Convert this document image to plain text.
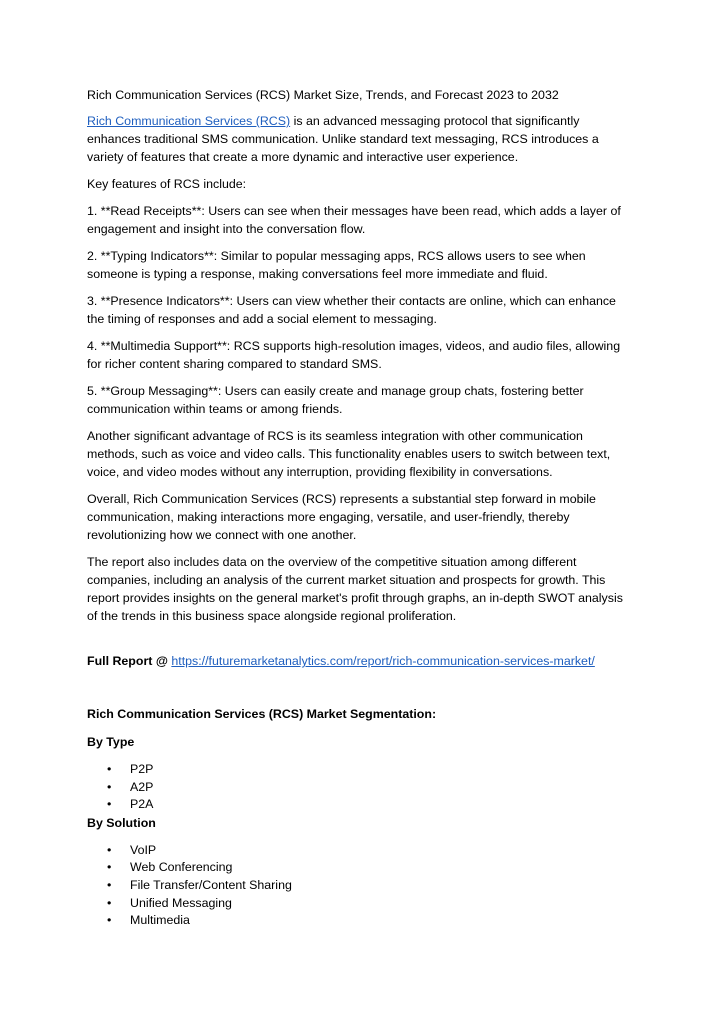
Rich Communication Services (RCS) Market Size, Trends, and Forecast 2023 to 2032

Rich Communication Services (RCS) is an advanced messaging protocol that significantly enhances traditional SMS communication. Unlike standard text messaging, RCS introduces a variety of features that create a more dynamic and interactive user experience.

Key features of RCS include:

1. **Read Receipts**: Users can see when their messages have been read, which adds a layer of engagement and insight into the conversation flow.

2. **Typing Indicators**: Similar to popular messaging apps, RCS allows users to see when someone is typing a response, making conversations feel more immediate and fluid.

3. **Presence Indicators**: Users can view whether their contacts are online, which can enhance the timing of responses and add a social element to messaging.

4. **Multimedia Support**: RCS supports high-resolution images, videos, and audio files, allowing for richer content sharing compared to standard SMS.

5. **Group Messaging**: Users can easily create and manage group chats, fostering better communication within teams or among friends.

Another significant advantage of RCS is its seamless integration with other communication methods, such as voice and video calls. This functionality enables users to switch between text, voice, and video modes without any interruption, providing flexibility in conversations.

Overall, Rich Communication Services (RCS) represents a substantial step forward in mobile communication, making interactions more engaging, versatile, and user-friendly, thereby revolutionizing how we connect with one another.

The report also includes data on the overview of the competitive situation among different companies, including an analysis of the current market situation and prospects for growth. This report provides insights on the general market's profit through graphs, an in-depth SWOT analysis of the trends in this business space alongside regional proliferation.

Full Report @ https://futuremarketanalytics.com/report/rich-communication-services-market/

Rich Communication Services (RCS) Market Segmentation:

By Type

• P2P
• A2P
• P2A

By Solution

• VoIP
• Web Conferencing
• File Transfer/Content Sharing
• Unified Messaging
• Multimedia
